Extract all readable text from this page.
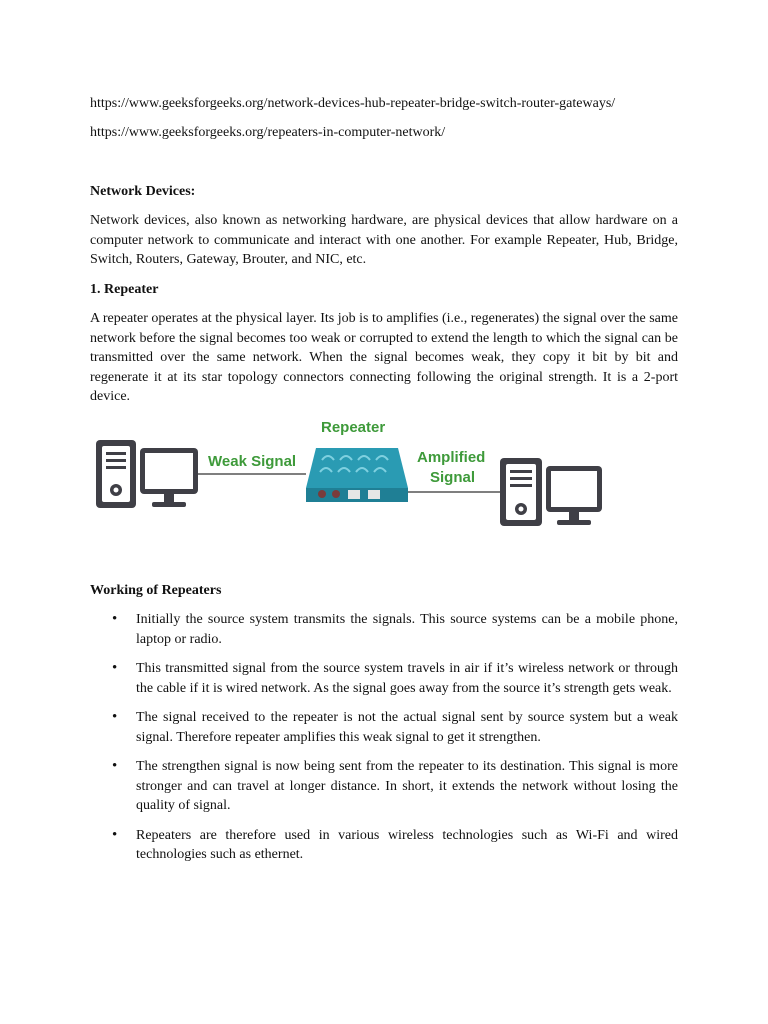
https://www.geeksforgeeks.org/network-devices-hub-repeater-bridge-switch-router-gateways/

https://www.geeksforgeeks.org/repeaters-in-computer-network/

Network Devices:

Network devices, also known as networking hardware, are physical devices that allow hardware on a computer network to communicate and interact with one another. For example Repeater, Hub, Bridge, Switch, Routers, Gateway, Brouter, and NIC, etc.

1. Repeater

A repeater operates at the physical layer. Its job is to amplifies (i.e., regenerates) the signal over the same network before the signal becomes too weak or corrupted to extend the length to which the signal can be transmitted over the same network. When the signal becomes weak, they copy it bit by bit and regenerate it at its star topology connectors connecting following the original strength. It is a 2-port device.

Weak Signal
Repeater
Amplified
Signal

Working of Repeaters

• Initially the source system transmits the signals. This source systems can be a mobile phone, laptop or radio.
• This transmitted signal from the source system travels in air if it’s wireless network or through the cable if it is wired network. As the signal goes away from the source it’s strength gets weak.
• The signal received to the repeater is not the actual signal sent by source system but a weak signal. Therefore repeater amplifies this weak signal to get it strengthen.
• The strengthen signal is now being sent from the repeater to its destination. This signal is more stronger and can travel at longer distance. In short, it extends the network without losing the quality of signal.
• Repeaters are therefore used in various wireless technologies such as Wi-Fi and wired technologies such as ethernet.
